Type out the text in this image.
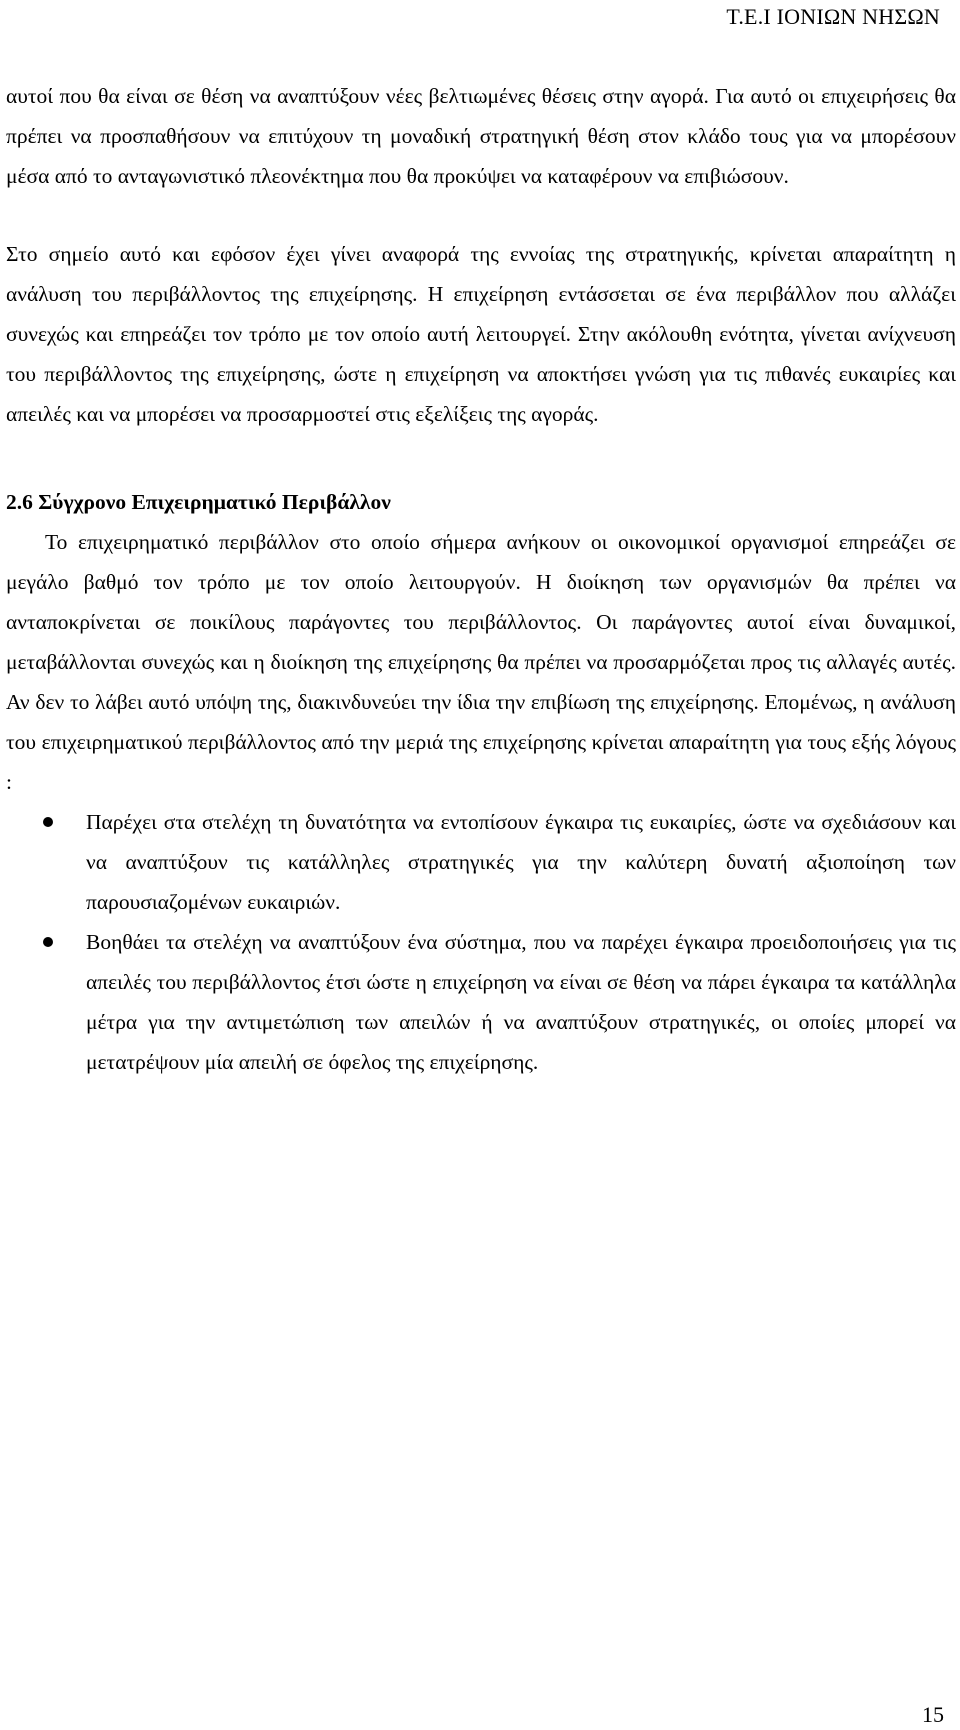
Τ.Ε.Ι ΙΟΝΙΩΝ ΝΗΣΩΝ

αυτοί που θα είναι σε θέση να αναπτύξουν νέες βελτιωμένες θέσεις στην αγορά. Για αυτό οι επιχειρήσεις θα πρέπει να προσπαθήσουν να επιτύχουν τη μοναδική στρατηγική θέση στον κλάδο τους για να μπορέσουν μέσα από το ανταγωνιστικό πλεονέκτημα που θα προκύψει να καταφέρουν να επιβιώσουν.

Στο σημείο αυτό και εφόσον έχει γίνει αναφορά της εννοίας της στρατηγικής, κρίνεται απαραίτητη η ανάλυση του περιβάλλοντος της επιχείρησης. Η επιχείρηση εντάσσεται σε ένα περιβάλλον που αλλάζει συνεχώς και επηρεάζει τον τρόπο με τον οποίο αυτή λειτουργεί. Στην ακόλουθη ενότητα, γίνεται ανίχνευση του περιβάλλοντος της επιχείρησης, ώστε η επιχείρηση να αποκτήσει γνώση για τις πιθανές ευκαιρίες και απειλές και να μπορέσει να προσαρμοστεί στις εξελίξεις της αγοράς.

2.6 Σύγχρονο Επιχειρηματικό Περιβάλλον

Το επιχειρηματικό περιβάλλον στο οποίο σήμερα ανήκουν οι οικονομικοί οργανισμοί επηρεάζει σε μεγάλο βαθμό τον τρόπο με τον οποίο λειτουργούν. Η διοίκηση των οργανισμών θα πρέπει να ανταποκρίνεται σε ποικίλους παράγοντες του περιβάλλοντος. Οι παράγοντες αυτοί είναι δυναμικοί, μεταβάλλονται συνεχώς και η διοίκηση της επιχείρησης θα πρέπει να προσαρμόζεται προς τις αλλαγές αυτές. Αν δεν το λάβει αυτό υπόψη της, διακινδυνεύει την ίδια την επιβίωση της επιχείρησης. Επομένως, η ανάλυση του επιχειρηματικού περιβάλλοντος από την μεριά της επιχείρησης κρίνεται απαραίτητη για τους εξής λόγους :

Παρέχει στα στελέχη τη δυνατότητα να εντοπίσουν έγκαιρα τις ευκαιρίες, ώστε να σχεδιάσουν και να αναπτύξουν τις κατάλληλες στρατηγικές για την καλύτερη δυνατή αξιοποίηση των παρουσιαζομένων ευκαιριών.
Βοηθάει τα στελέχη να αναπτύξουν ένα σύστημα, που να παρέχει έγκαιρα προειδοποιήσεις για τις απειλές του περιβάλλοντος έτσι ώστε η επιχείρηση να είναι σε θέση να πάρει έγκαιρα τα κατάλληλα μέτρα για την αντιμετώπιση των απειλών ή να αναπτύξουν στρατηγικές, οι οποίες μπορεί να μετατρέψουν μία απειλή σε όφελος της επιχείρησης.
15
